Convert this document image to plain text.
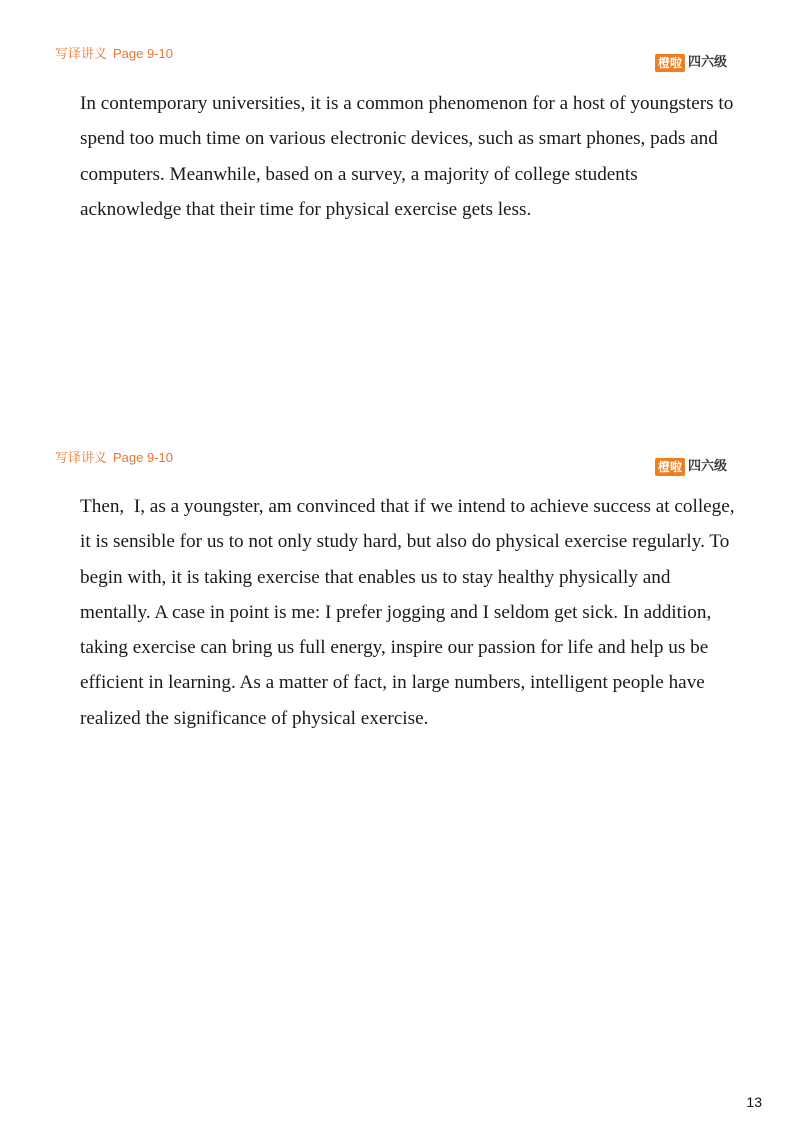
写译讲义 Page 9-10
橙啦 四六级

In contemporary universities, it is a common phenomenon for a host of youngsters to spend too much time on various electronic devices, such as smart phones, pads and computers. Meanwhile, based on a survey, a majority of college students acknowledge that their time for physical exercise gets less.

写译讲义 Page 9-10
橙啦 四六级

Then,  I, as a youngster, am convinced that if we intend to achieve success at college, it is sensible for us to not only study hard, but also do physical exercise regularly. To begin with, it is taking exercise that enables us to stay healthy physically and mentally. A case in point is me: I prefer jogging and I seldom get sick. In addition, taking exercise can bring us full energy, inspire our passion for life and help us be efficient in learning. As a matter of fact, in large numbers, intelligent people have realized the significance of physical exercise.

13
